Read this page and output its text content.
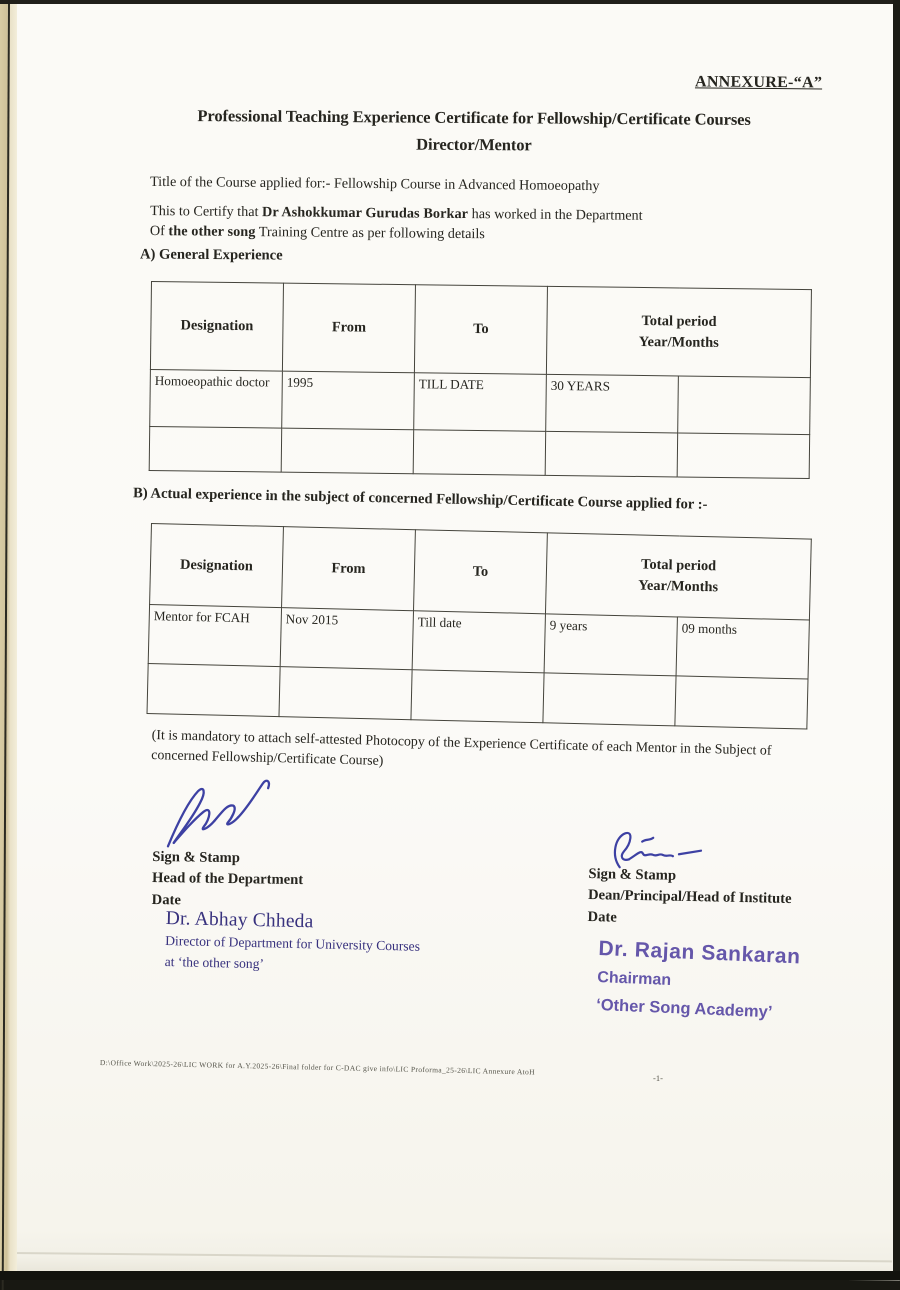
ANNEXURE-“A”
Professional Teaching Experience Certificate for Fellowship/Certificate Courses
Director/Mentor
Title of the Course applied for:- Fellowship Course in Advanced Homoeopathy
This to Certify that Dr Ashokkumar Gurudas Borkar has worked in the Department
Of the other song Training Centre as per following details
A) General Experience
Designation	From	To	Total period
Year/Months	

Homoeopathic doctor	1995	TILL DATE	30 YEARS	

B) Actual experience in the subject of concerned Fellowship/Certificate Course applied for :-
Designation	From	To	Total period
Year/Months	

Mentor for FCAH	Nov 2015	Till date	9 years	09 months

(It is mandatory to attach self-attested Photocopy of the Experience Certificate of each Mentor in the Subject of concerned Fellowship/Certificate Course)
Sign & Stamp
Head of the Department
Date
Dr. Abhay Chheda
Director of Department for University Courses
at ‘the other song’
Sign & Stamp
Dean/Principal/Head of Institute
Date
Dr. Rajan Sankaran
Chairman
‘Other Song Academy’
D:\Office Work\2025-26\LIC WORK for A.Y.2025-26\Final folder for C-DAC give info\LIC Proforma_25-26\LIC Annexure AtoH
-1-
